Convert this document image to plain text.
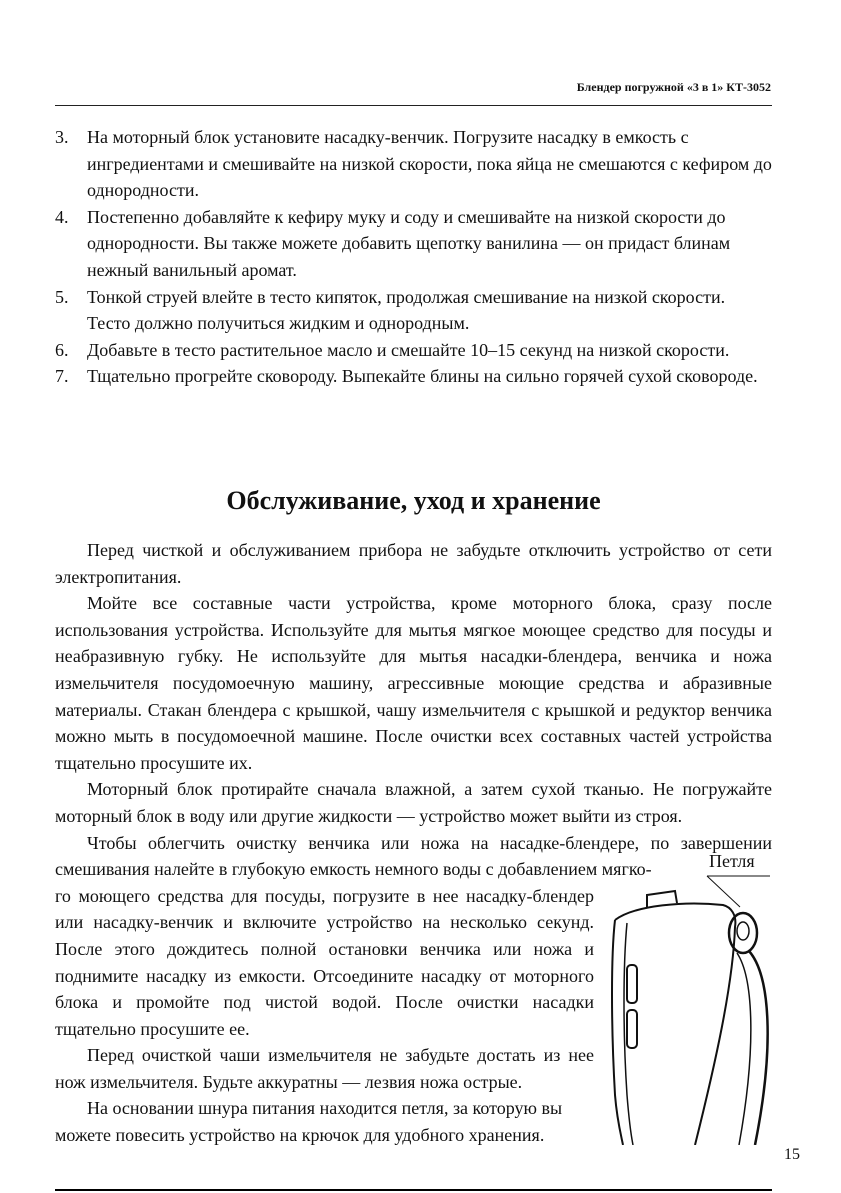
Блендер погружной «3 в 1» КТ-3052
3.	На моторный блок установите насадку-венчик. Погрузите насадку в емкость с ингредиентами и смешивайте на низкой скорости, пока яйца не смешаются с кефиром до однородности.
4.	Постепенно добавляйте к кефиру муку и соду и смешивайте на низкой скорости до однородности. Вы также можете добавить щепотку ванилина — он придаст блинам нежный ванильный аромат.
5.	Тонкой струей влейте в тесто кипяток, продолжая смешивание на низкой скорости. Тесто должно получиться жидким и однородным.
6.	Добавьте в тесто растительное масло и смешайте 10–15 секунд на низкой скорости.
7.	Тщательно прогрейте сковороду. Выпекайте блины на сильно горячей сухой сковороде.
Обслуживание, уход и хранение

Перед чисткой и обслуживанием прибора не забудьте отключить устройство от сети электропитания.

Мойте все составные части устройства, кроме моторного блока, сразу после использования устройства. Используйте для мытья мягкое моющее средство для посуды и неабразивную губку. Не используйте для мытья насадки-блендера, венчика и ножа измельчителя посудомоечную машину, агрессивные моющие средства и абразивные материалы. Стакан блендера с крышкой, чашу измельчителя с крышкой и редуктор венчика можно мыть в посудомоечной машине. После очистки всех составных частей устройства тщательно просушите их.

Моторный блок протирайте сначала влажной, а затем сухой тканью. Не погружайте моторный блок в воду или другие жидкости — устройство может выйти из строя.

Чтобы облегчить очистку венчика или ножа на насадке-блендере, по завершении смешивания налейте в глубокую емкость немного воды с добавлением мягко-

го моющего средства для посуды, погрузите в нее насадку-блендер или насадку-венчик и включите устройство на несколько секунд. После этого дождитесь полной остановки венчика или ножа и поднимите насадку из емкости. Отсоедините насадку от моторного блока и промойте под чистой водой. После очистки насадки тщательно просушите ее.

Перед очисткой чаши измельчителя не забудьте достать из нее нож измельчителя. Будьте аккуратны — лезвия ножа острые.

На основании шнура питания находится петля, за которую вы можете повесить устройство на крючок для удобного хранения.

Петля
15
